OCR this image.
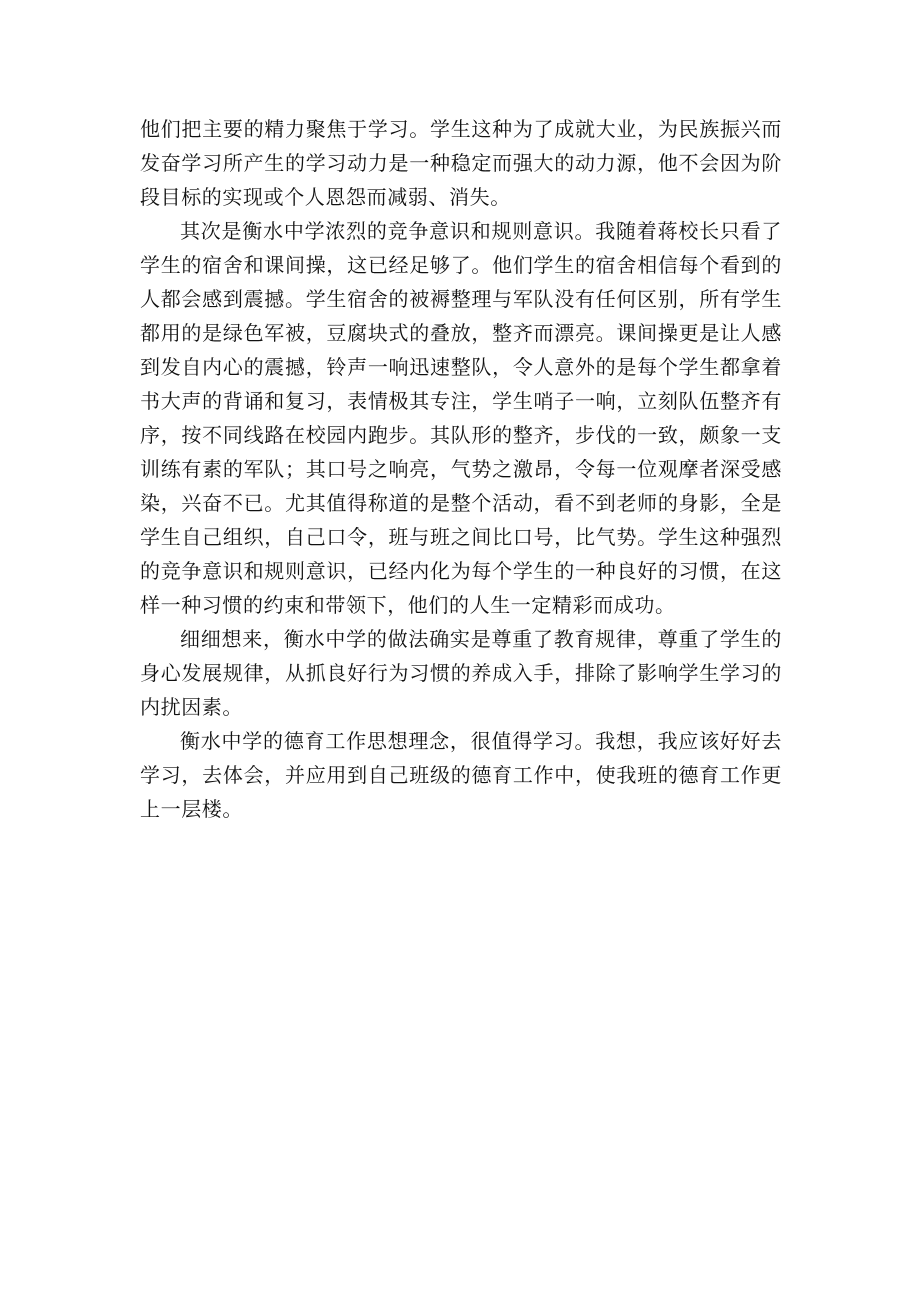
他们把主要的精力聚焦于学习。学生这种为了成就大业，为民族振兴而发奋学习所产生的学习动力是一种稳定而强大的动力源，他不会因为阶段目标的实现或个人恩怨而减弱、消失。

其次是衡水中学浓烈的竞争意识和规则意识。我随着蒋校长只看了学生的宿舍和课间操，这已经足够了。他们学生的宿舍相信每个看到的人都会感到震撼。学生宿舍的被褥整理与军队没有任何区别，所有学生都用的是绿色军被，豆腐块式的叠放，整齐而漂亮。课间操更是让人感到发自内心的震撼，铃声一响迅速整队，令人意外的是每个学生都拿着书大声的背诵和复习，表情极其专注，学生哨子一响，立刻队伍整齐有序，按不同线路在校园内跑步。其队形的整齐，步伐的一致，颇象一支训练有素的军队；其口号之响亮，气势之激昂，令每一位观摩者深受感染，兴奋不已。尤其值得称道的是整个活动，看不到老师的身影，全是学生自己组织，自己口令，班与班之间比口号，比气势。学生这种强烈的竞争意识和规则意识，已经内化为每个学生的一种良好的习惯，在这样一种习惯的约束和带领下，他们的人生一定精彩而成功。

细细想来，衡水中学的做法确实是尊重了教育规律，尊重了学生的身心发展规律，从抓良好行为习惯的养成入手，排除了影响学生学习的内扰因素。

衡水中学的德育工作思想理念，很值得学习。我想，我应该好好去学习，去体会，并应用到自己班级的德育工作中，使我班的德育工作更上一层楼。
